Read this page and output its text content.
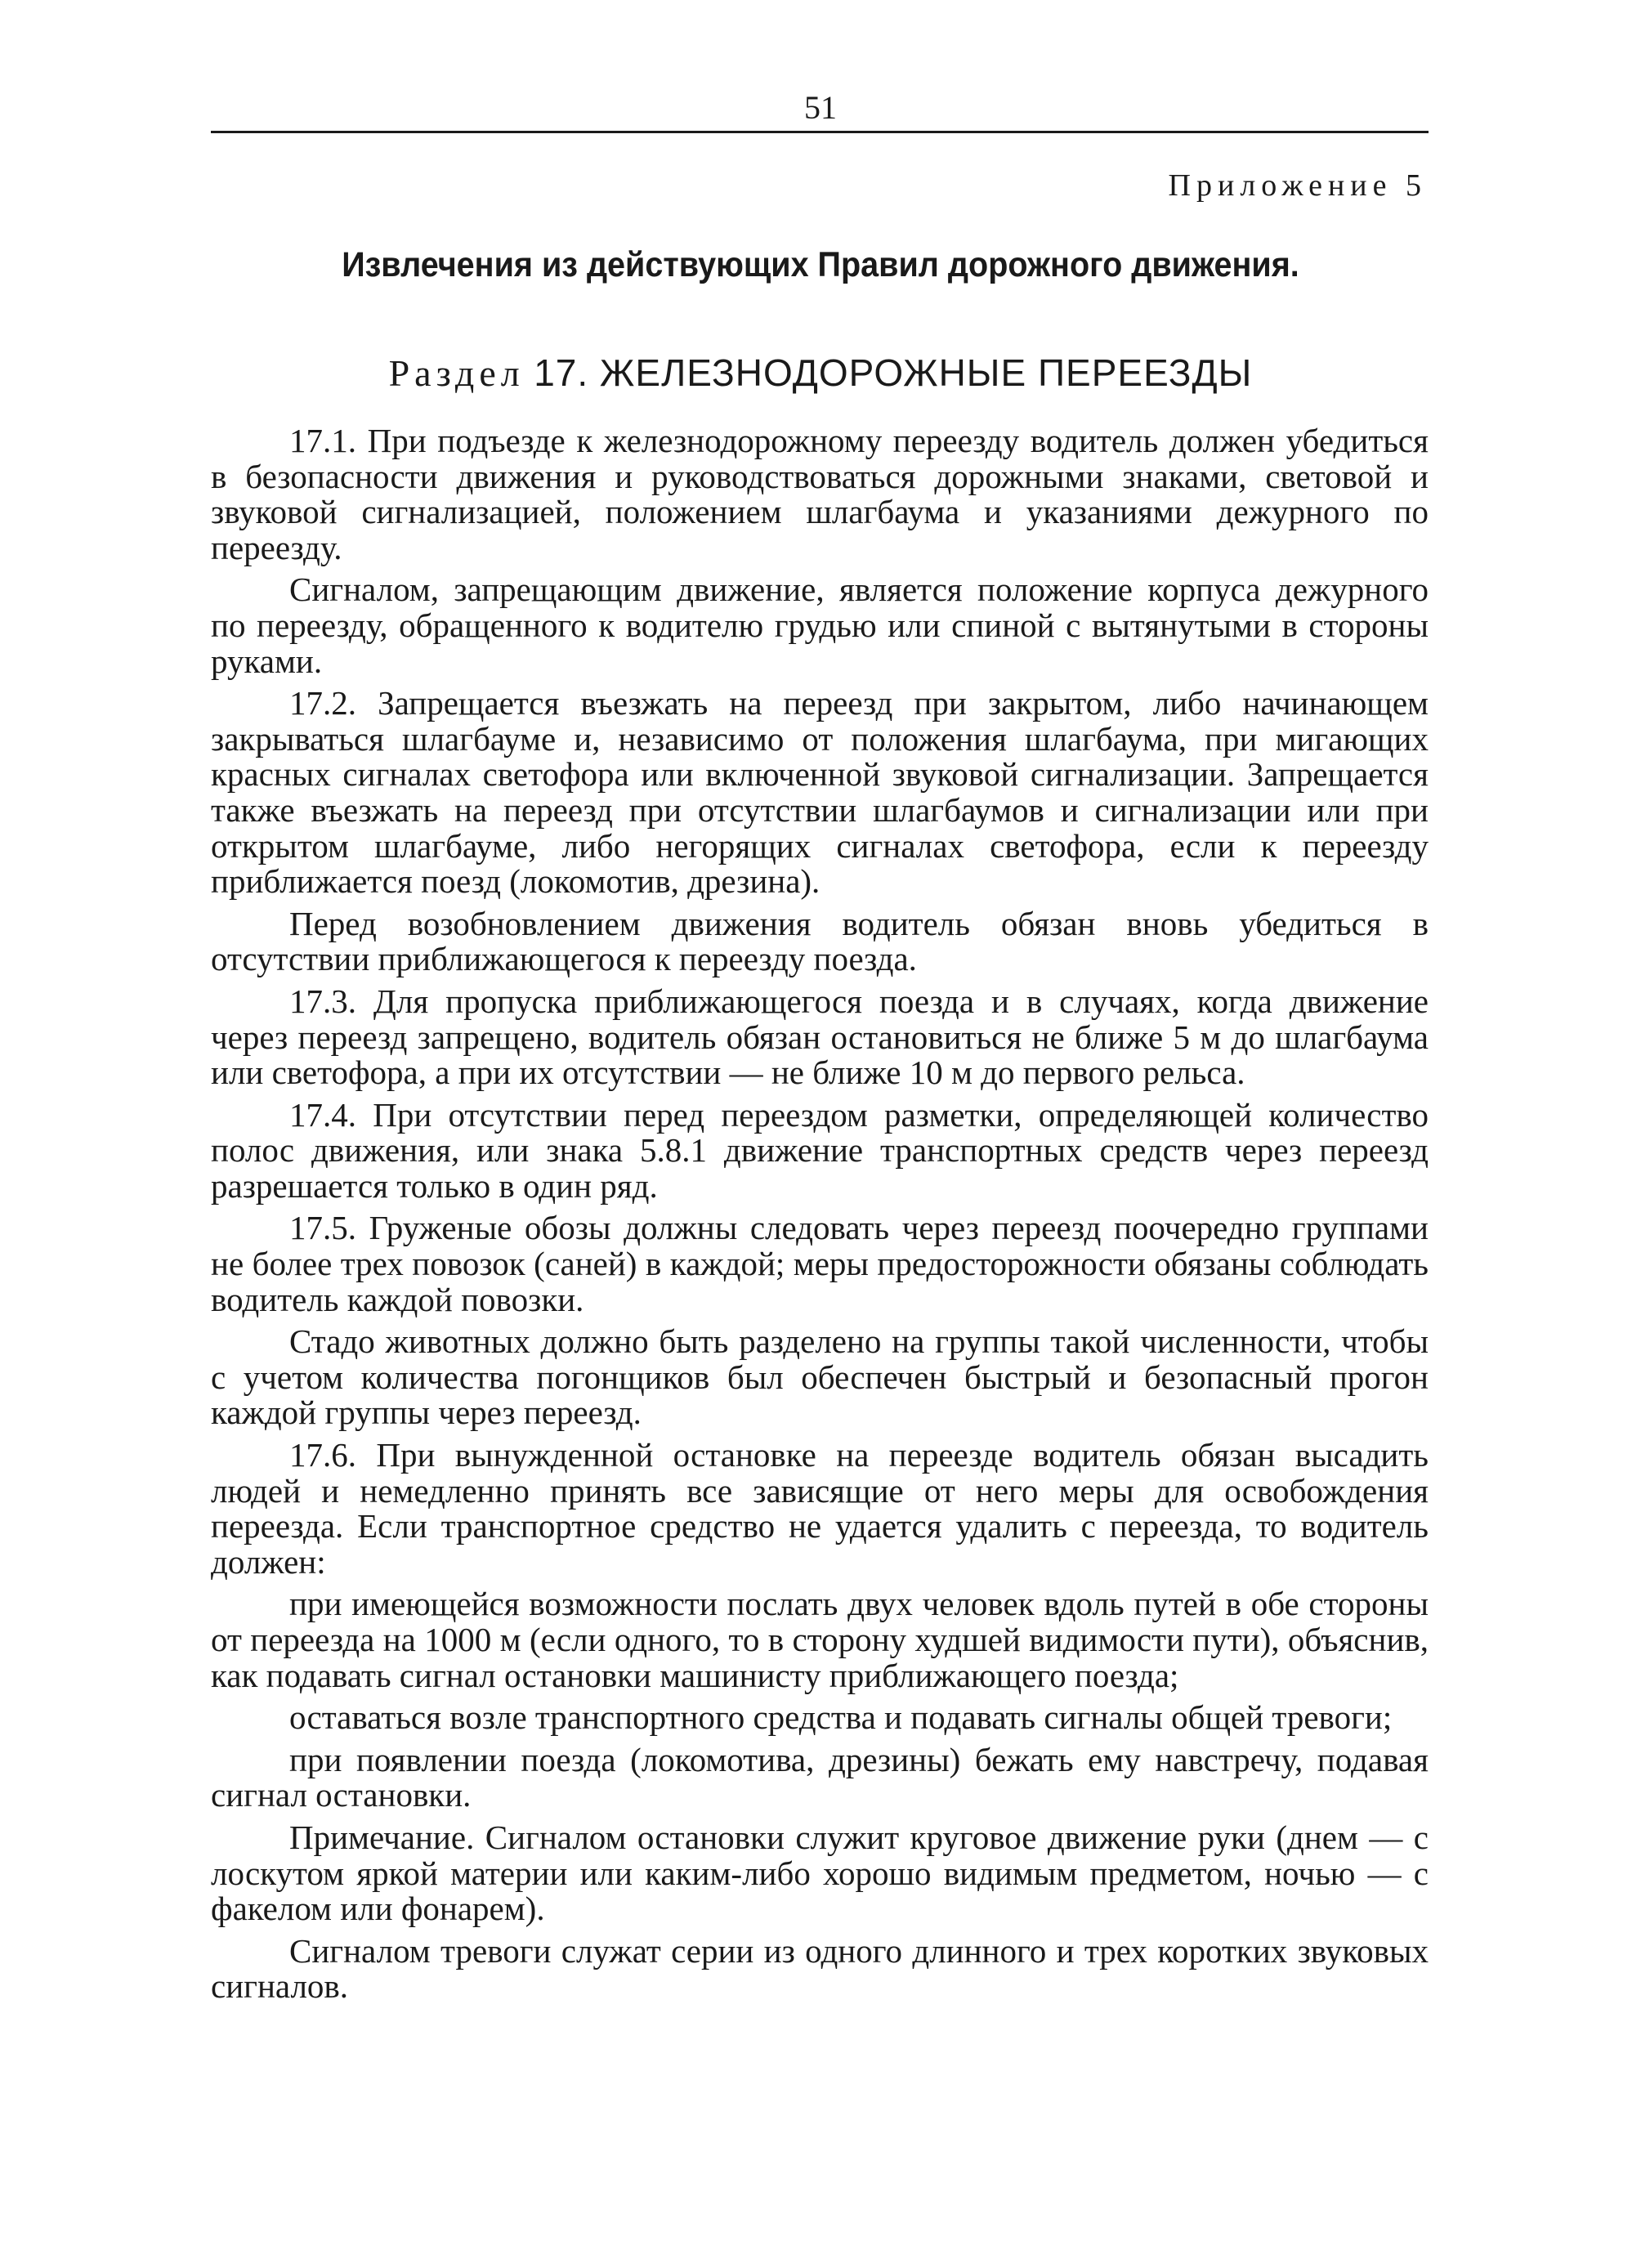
51
Приложение 5
Извлечения из действующих Правил дорожного движения.
Раздел 17. ЖЕЛЕЗНОДОРОЖНЫЕ ПЕРЕЕЗДЫ

17.1. При подъезде к железнодорожному переезду водитель должен убедиться в безопасности движения и руководствоваться дорожными знаками, световой и звуковой сигнализацией, положением шлагбаума и указаниями дежурного по переезду.

Сигналом, запрещающим движение, является положение корпуса дежурного по переезду, обращенного к водителю грудью или спиной с вытянутыми в стороны руками.

17.2. Запрещается въезжать на переезд при закрытом, либо начинающем закрываться шлагбауме и, независимо от положения шлагбаума, при мигающих красных сигналах светофора или включенной звуковой сигнализации. Запрещается также въезжать на переезд при отсутствии шлагбаумов и сигнализации или при открытом шлагбауме, либо негорящих сигналах светофора, если к переезду приближается поезд (локомотив, дрезина).

Перед возобновлением движения водитель обязан вновь убедиться в отсутствии приближающегося к переезду поезда.

17.3. Для пропуска приближающегося поезда и в случаях, когда движение через переезд запрещено, водитель обязан остановиться не ближе 5 м до шлагбаума или светофора, а при их отсутствии — не ближе 10 м до первого рельса.

17.4. При отсутствии перед переездом разметки, определяющей количество полос движения, или знака 5.8.1 движение транспортных средств через переезд разрешается только в один ряд.

17.5. Груженые обозы должны следовать через переезд поочередно группами не более трех повозок (саней) в каждой; меры предосторожности обязаны соблюдать водитель каждой повозки.

Стадо животных должно быть разделено на группы такой численности, чтобы с учетом количества погонщиков был обеспечен быстрый и безопасный прогон каждой группы через переезд.

17.6. При вынужденной остановке на переезде водитель обязан высадить людей и немедленно принять все зависящие от него меры для освобождения переезда. Если транспортное средство не удается удалить с переезда, то водитель должен:

при имеющейся возможности послать двух человек вдоль путей в обе стороны от переезда на 1000 м (если одного, то в сторону худшей видимости пути), объяснив, как подавать сигнал остановки машинисту приближающего поезда;

оставаться возле транспортного средства и подавать сигналы общей тревоги;

при появлении поезда (локомотива, дрезины) бежать ему навстречу, подавая сигнал остановки.

Примечание. Сигналом остановки служит круговое движение руки (днем — с лоскутом яркой материи или каким-либо хорошо видимым предметом, ночью — с факелом или фонарем).

Сигналом тревоги служат серии из одного длинного и трех коротких звуковых сигналов.
